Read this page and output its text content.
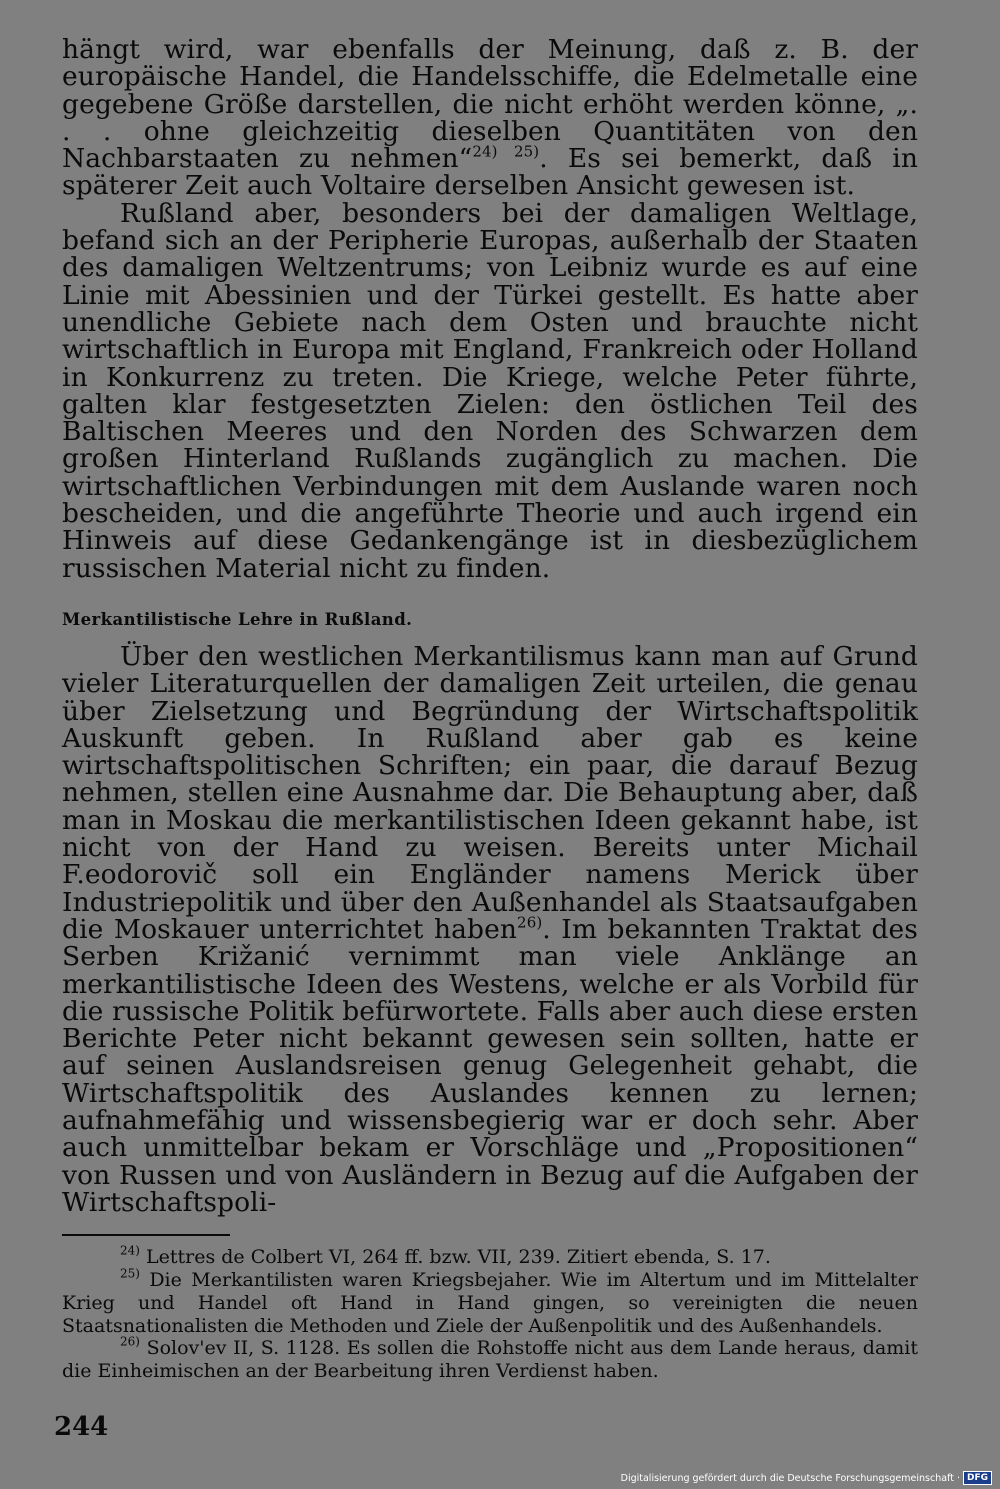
hängt wird, war ebenfalls der Meinung, daß z. B. der europäische Handel, die Handelsschiffe, die Edelmetalle eine gegebene Größe darstellen, die nicht erhöht werden könne, „. . . ohne gleichzeitig dieselben Quantitäten von den Nachbarstaaten zu nehmen“$^{24) 25)}$. Es sei bemerkt, daß in späterer Zeit auch Voltaire derselben Ansicht gewesen ist.

Rußland aber, besonders bei der damaligen Weltlage, befand sich an der Peripherie Europas, außerhalb der Staaten des damaligen Weltzentrums; von Leibniz wurde es auf eine Linie mit Abessinien und der Türkei gestellt. Es hatte aber unendliche Gebiete nach dem Osten und brauchte nicht wirtschaftlich in Europa mit England, Frankreich oder Holland in Konkurrenz zu treten. Die Kriege, welche Peter führte, galten klar festgesetzten Zielen: den östlichen Teil des Baltischen Meeres und den Norden des Schwarzen dem großen Hinterland Rußlands zugänglich zu machen. Die wirtschaftlichen Verbindungen mit dem Auslande waren noch bescheiden, und die angeführte Theorie und auch irgend ein Hinweis auf diese Gedankengänge ist in diesbezüglichem russischen Material nicht zu finden.

Merkantilistische Lehre in Rußland.

Über den westlichen Merkantilismus kann man auf Grund vieler Literaturquellen der damaligen Zeit urteilen, die genau über Zielsetzung und Begründung der Wirtschaftspolitik Auskunft geben. In Rußland aber gab es keine wirtschaftspolitischen Schriften; ein paar, die darauf Bezug nehmen, stellen eine Ausnahme dar. Die Behauptung aber, daß man in Moskau die merkantilistischen Ideen gekannt habe, ist nicht von der Hand zu weisen. Bereits unter Michail F.eodorovič soll ein Engländer namens Merick über Industriepolitik und über den Außenhandel als Staatsaufgaben die Moskauer unterrichtet haben$^{26)}$. Im bekannten Traktat des Serben Križanić vernimmt man viele Anklänge an merkantilistische Ideen des Westens, welche er als Vorbild für die russische Politik befürwortete. Falls aber auch diese ersten Berichte Peter nicht bekannt gewesen sein sollten, hatte er auf seinen Auslandsreisen genug Gelegenheit gehabt, die Wirtschaftspolitik des Auslandes kennen zu lernen; aufnahmefähig und wissensbegierig war er doch sehr. Aber auch unmittelbar bekam er Vorschläge und „Propositionen“ von Russen und von Ausländern in Bezug auf die Aufgaben der Wirtschaftspoli-

$^{24)}$ Lettres de Colbert VI, 264 ff. bzw. VII, 239. Zitiert ebenda, S. 17.

$^{25)}$ Die Merkantilisten waren Kriegsbejaher. Wie im Altertum und im Mittelalter Krieg und Handel oft Hand in Hand gingen, so vereinigten die neuen Staatsnationalisten die Methoden und Ziele der Außenpolitik und des Außenhandels.

$^{26)}$ Solov'ev II, S. 1128. Es sollen die Rohstoffe nicht aus dem Lande heraus, damit die Einheimischen an der Bearbeitung ihren Verdienst haben.

244
Digitalisierung gefördert durch die Deutsche Forschungsgemeinschaft · DFG
